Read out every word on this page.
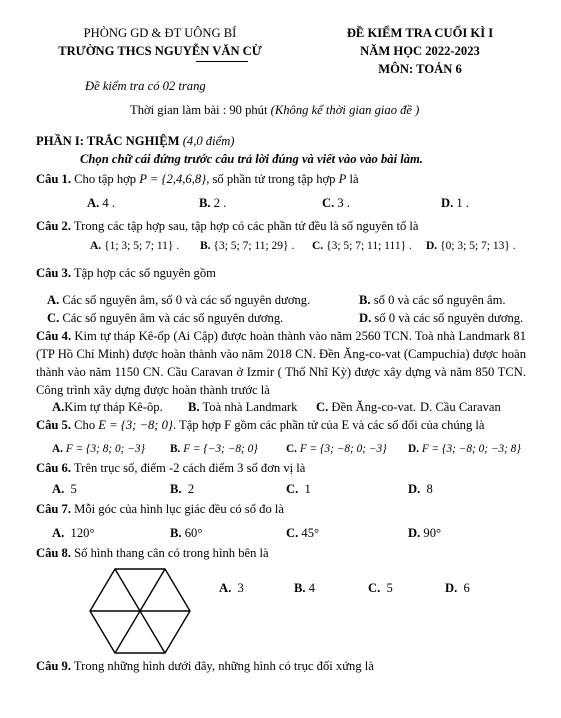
PHÒNG GD & ĐT UÔNG BÍ
TRƯỜNG THCS NGUYỄN VĂN CỪ
Đề kiểm tra có 02 trang
ĐỀ KIỂM TRA CUỐI KÌ I
NĂM HỌC 2022-2023
MÔN: TOÁN 6
Thời gian làm bài : 90 phút (Không kể thời gian giao đề )
PHẦN I: TRẮC NGHIỆM (4,0 điểm)
Chọn chữ cái đứng trước câu trả lời đúng và viết vào vào bài làm.
Câu 1. Cho tập hợp P = {2,4,6,8}, số phần tử trong tập hợp P là
A. 4 .	B. 2 .	C. 3 .	D. 1 .
Câu 2. Trong các tập hợp sau, tập hợp có các phần tử đều là số nguyên tố là
A. {1; 3; 5; 7; 11} . B. {3; 5; 7; 11; 29} . C. {3; 5; 7; 11; 111} . D. {0; 3; 5; 7; 13} .
Câu 3. Tập hợp các số nguyên gồm
A. Các số nguyên âm, số 0 và các số nguyên dương.	B. số 0 và các số nguyên âm.
C. Các số nguyên âm và các số nguyên dương.	D. số 0 và các số nguyên dương.
Câu 4. Kim tự tháp Kê-ốp (Ai Cập) được hoàn thành vào năm 2560 TCN. Toà nhà Landmark 81 (TP Hồ Chí Minh) được hoàn thành vào năm 2018 CN. Đền Ăng-co-vat (Campuchia) được hoàn thành vào năm 1150 CN. Cầu Caravan ở Izmir ( Thổ Nhĩ Kỳ) được xây dựng và năm 850 TCN. Công trình xây dựng được hoàn thành trước là
A.Kim tự tháp Kê-ôp. B. Toà nhà Landmark C. Đền Ăng-co-vat. D. Cầu Caravan
Câu 5. Cho E = {3; −8; 0}. Tập hợp F gồm các phần tử của E và các số đối của chúng là
A. F = {3; 8; 0; −3} B. F = {−3; −8; 0} C. F = {3; −8; 0; −3} D. F = {3; −8; 0; −3; 8}
Câu 6. Trên trục số, điểm -2 cách điểm 3 số đơn vị là
A. 5	B. 2	C. 1	D. 8
Câu 7. Mỗi góc của hình lục giác đều có số đo là
A. 120°	B. 60°	C. 45°	D. 90°
Câu 8. Số hình thang cân có trong hình bên là
A. 3	B. 4	C. 5	D. 6
Câu 9. Trong những hình dưới đây, những hình có trục đối xứng là
